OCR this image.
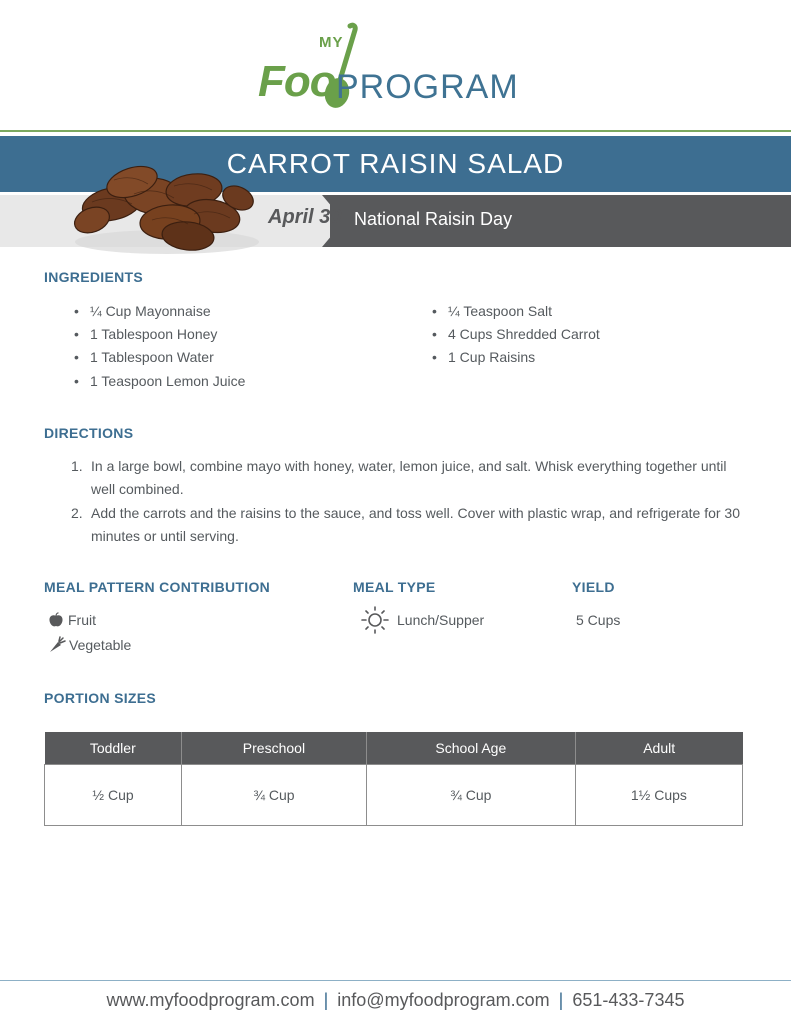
MY
Foo PROGRAM
CARROT RAISIN SALAD
April 30 National Raisin Day
INGREDIENTS
• ¼ Cup Mayonnaise
• 1 Tablespoon Honey
• 1 Tablespoon Water
• 1 Teaspoon Lemon Juice
• ¼ Teaspoon Salt
• 4 Cups Shredded Carrot
• 1 Cup Raisins
DIRECTIONS
1. In a large bowl, combine mayo with honey, water, lemon juice, and salt. Whisk everything together until well combined.
2. Add the carrots and the raisins to the sauce, and toss well. Cover with plastic wrap, and refrigerate for 30 minutes or until serving.
MEAL PATTERN CONTRIBUTION
Fruit
Vegetable
MEAL TYPE
Lunch/Supper
YIELD
5 Cups
PORTION SIZES
Toddler	Preschool	School Age	Adult
½ Cup	¾ Cup	¾ Cup	1½ Cups
www.myfoodprogram.com | info@myfoodprogram.com | 651-433-7345
